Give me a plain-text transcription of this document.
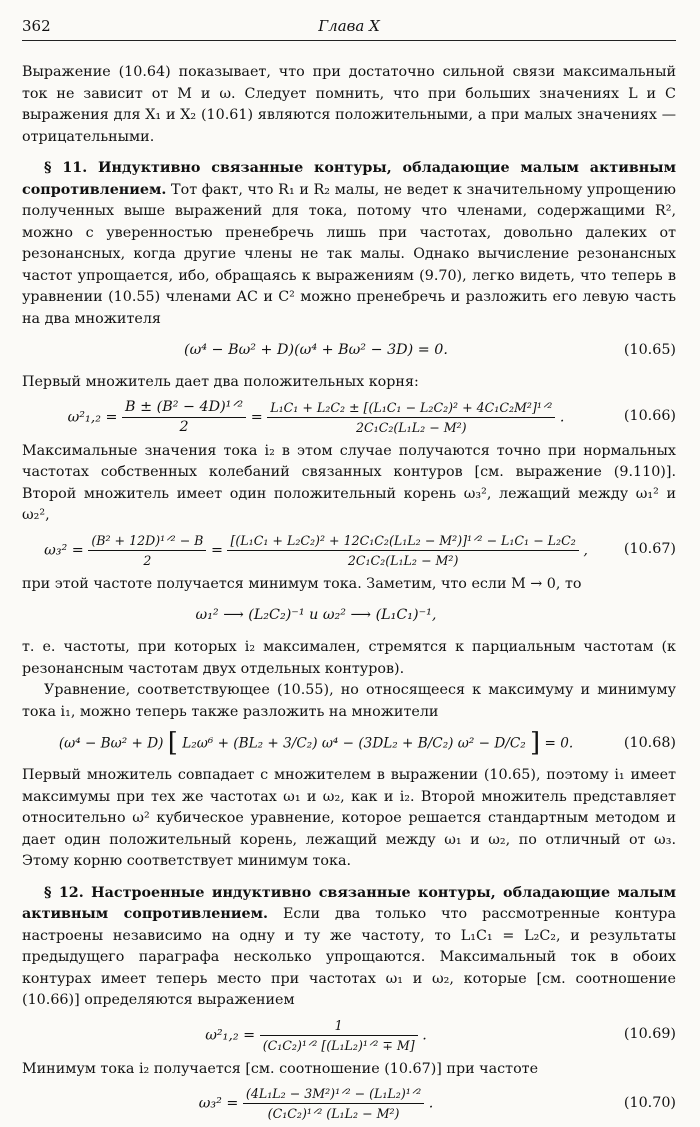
362	Глава X

Выражение (10.64) показывает, что при достаточно сильной связи максимальный ток не зависит от M и ω. Следует помнить, что при больших значениях L и C выражения для X₁ и X₂ (10.61) являются положительными, а при малых значениях — отрицательными.

§ 11. Индуктивно связанные контуры, обладающие малым активным сопротивлением. Тот факт, что R₁ и R₂ малы, не ведет к значительному упрощению полученных выше выражений для тока, потому что членами, содержащими R², можно с уверенностью пренебречь лишь при частотах, довольно далеких от резонансных, когда другие члены не так малы. Однако вычисление резонансных частот упрощается, ибо, обращаясь к выражениям (9.70), легко видеть, что теперь в уравнении (10.55) членами AC и C² можно пренебречь и разложить его левую часть на два множителя

(ω⁴ − Bω² + D)(ω⁴ + Bω² − 3D) = 0.	(10.65)

Первый множитель дает два положительных корня:

$\omega^2_1,_2 = \frac{\text{B ± (B² − 4D)¹ᐟ²}}{2} = \frac{\text{L₁C₁ + L₂C₂ ± [(L₁C₁ − L₂C₂)² + 4C₁C₂M²]¹ᐟ²}}{\text{2C₁C₂(L₁L₂ − M²)}}$ .	(10.66)

Максимальные значения тока i₂ в этом случае получаются точно при нормальных частотах собственных колебаний связанных контуров [см. выражение (9.110)]. Второй множитель имеет один положительный корень ω₃², лежащий между ω₁² и ω₂²,

$\omega_3^2 = \frac{\text{(B² + 12D)¹ᐟ² − B}}{2} = \frac{\text{[(L₁C₁ + L₂C₂)² + 12C₁C₂(L₁L₂ − M²)]¹ᐟ² − L₁C₁ − L₂C₂}}{\text{2C₁C₂(L₁L₂ − M²)}}$ ,	(10.67)

при этой частоте получается минимум тока. Заметим, что если M → 0, то

ω₁² ⟶ (L₂C₂)⁻¹ и ω₂² ⟶ (L₁C₁)⁻¹,

т. е. частоты, при которых i₂ максимален, стремятся к парциальным частотам (к резонансным частотам двух отдельных контуров).

Уравнение, соответствующее (10.55), но относящееся к максимуму и минимуму тока i₁, можно теперь также разложить на множители

(ω⁴ − Bω² + D) [ L₂ω⁶ + (BL₂ + 3/C₂) ω⁴ − (3DL₂ + B/C₂) ω² − D/C₂ ] = 0.	(10.68)

Первый множитель совпадает с множителем в выражении (10.65), поэтому i₁ имеет максимумы при тех же частотах ω₁ и ω₂, как и i₂. Второй множитель представляет относительно ω² кубическое уравнение, которое решается стандартным методом и дает один положительный корень, лежащий между ω₁ и ω₂, по отличный от ω₃. Этому корню соответствует минимум тока.

§ 12. Настроенные индуктивно связанные контуры, обладающие малым активным сопротивлением. Если два только что рассмотренные контура настроены независимо на одну и ту же частоту, то L₁C₁ = L₂C₂, и результаты предыдущего параграфа несколько упрощаются. Максимальный ток в обоих контурах имеет теперь место при частотах ω₁ и ω₂, которые [см. соотношение (10.66)] определяются выражением

$\omega^2_1,_2 = \frac{1}{\text{(C₁C₂)¹ᐟ² [(L₁L₂)¹ᐟ² ∓ M]}}$ .	(10.69)

Минимум тока i₂ получается [см. соотношение (10.67)] при частоте

$\omega_3^2 = \frac{\text{(4L₁L₂ − 3M²)¹ᐟ² − (L₁L₂)¹ᐟ²}}{\text{(C₁C₂)¹ᐟ² (L₁L₂ − M²)}}$ .	(10.70)
